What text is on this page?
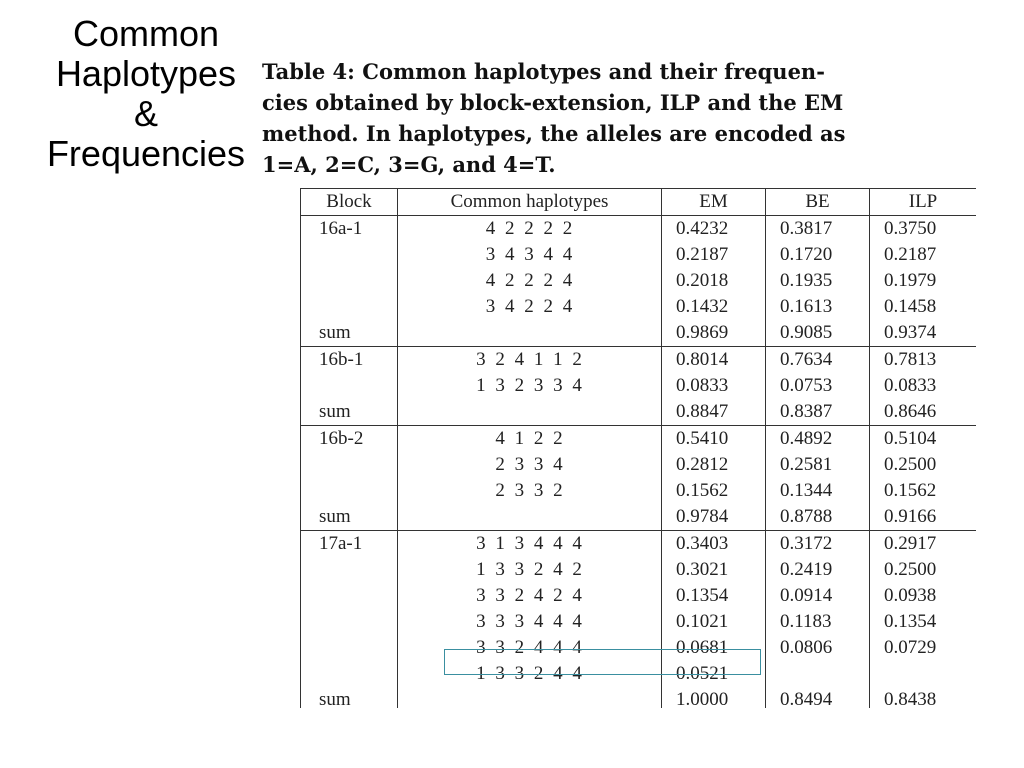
Common
Haplotypes
&
Frequencies
Table 4: Common haplotypes and their frequen-
cies obtained by block-extension, ILP and the EM
method. In haplotypes, the alleles are encoded as
1=A, 2=C, 3=G, and 4=T.
Block	Common haplotypes	EM	BE	ILP
16a-1	4 2 2 2 2	0.4232	0.3817	0.3750
	3 4 3 4 4	0.2187	0.1720	0.2187
	4 2 2 2 4	0.2018	0.1935	0.1979
	3 4 2 2 4	0.1432	0.1613	0.1458
sum		0.9869	0.9085	0.9374
16b-1	3 2 4 1 1 2	0.8014	0.7634	0.7813
	1 3 2 3 3 4	0.0833	0.0753	0.0833
sum		0.8847	0.8387	0.8646
16b-2	4 1 2 2	0.5410	0.4892	0.5104
	2 3 3 4	0.2812	0.2581	0.2500
	2 3 3 2	0.1562	0.1344	0.1562
sum		0.9784	0.8788	0.9166
17a-1	3 1 3 4 4 4	0.3403	0.3172	0.2917
	1 3 3 2 4 2	0.3021	0.2419	0.2500
	3 3 2 4 2 4	0.1354	0.0914	0.0938
	3 3 3 4 4 4	0.1021	0.1183	0.1354
	3 3 2 4 4 4	0.0681	0.0806	0.0729
	1 3 3 2 4 4	0.0521		
sum		1.0000	0.8494	0.8438
